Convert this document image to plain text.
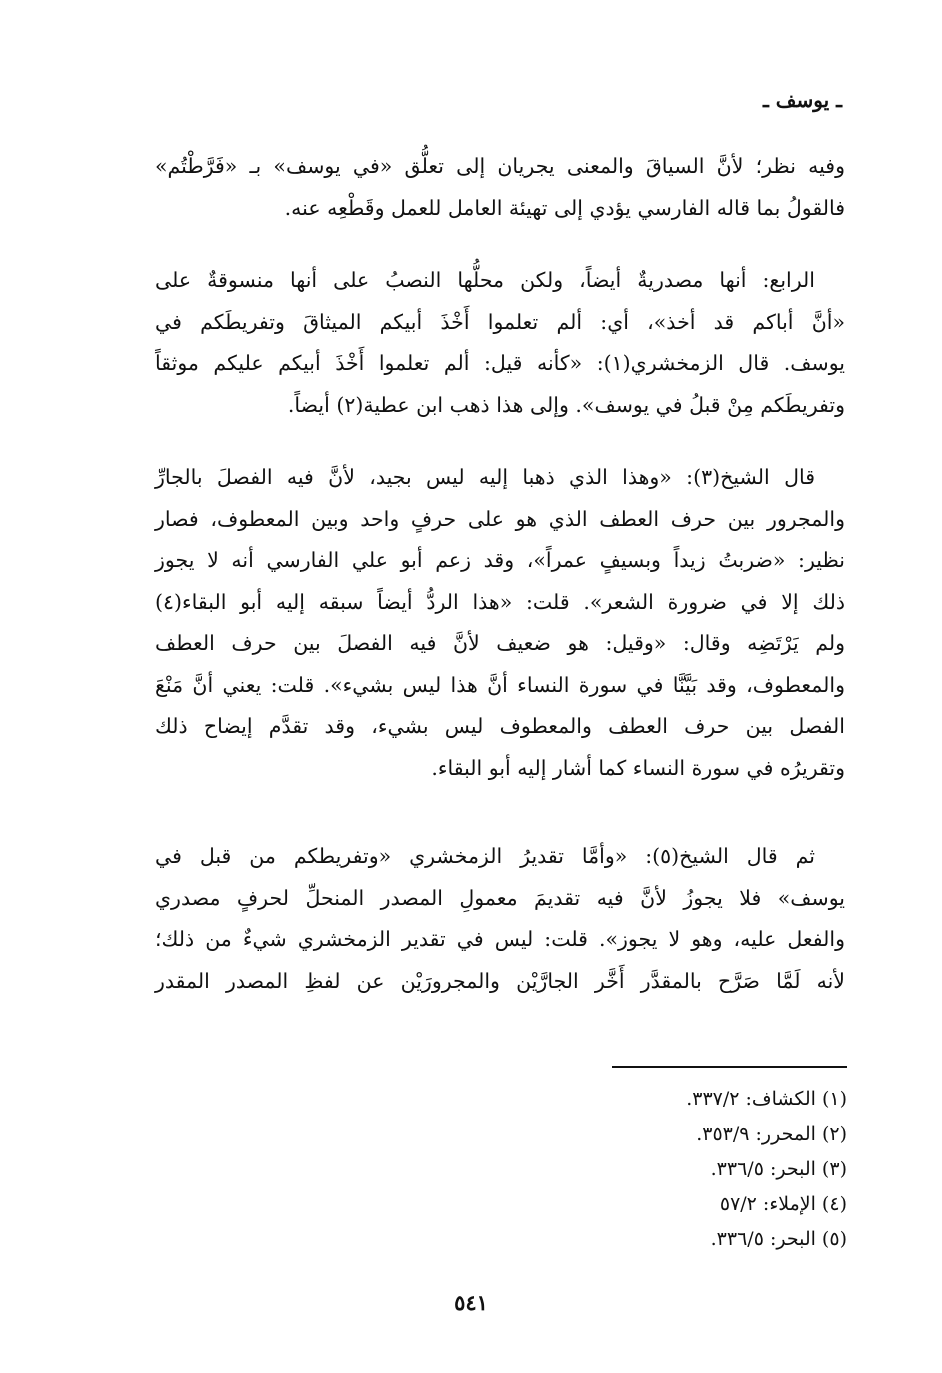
ـ يوسف ـ

وفيه نظر؛ لأنَّ السياقَ والمعنى يجريان إلى تعلُّق «في يوسف» بـ «فَرَّطْتُم»
فالقولُ بما قاله الفارسي يؤدي إلى تهيئة العامل للعمل وقَطْعِه عنه.

الرابع: أنها مصدريةٌ أيضاً، ولكن محلُّها النصبُ على أنها منسوقةٌ على
«أنَّ أباكم قد أخذ»، أي: ألم تعلموا أَخْذَ أبيكم الميثاقَ وتفريطَكم في
يوسف. قال الزمخشري(١): «كأنه قيل: ألم تعلموا أَخْذَ أبيكم عليكم موثقاً
وتفريطَكم مِنْ قبلُ في يوسف». وإلى هذا ذهب ابن عطية(٢) أيضاً.

قال الشيخ(٣): «وهذا الذي ذهبا إليه ليس بجيد، لأنَّ فيه الفصلَ بالجارِّ
والمجرور بين حرف العطف الذي هو على حرفٍ واحد وبين المعطوف، فصار
نظير: «ضربتُ زيداً وبسيفٍ عمراً»، وقد زعم أبو علي الفارسي أنه لا يجوز
ذلك إلا في ضرورة الشعر». قلت: «هذا الردُّ أيضاً سبقه إليه أبو البقاء(٤)
ولم يَرْتَضِه وقال: «وقيل: هو ضعيف لأنَّ فيه الفصلَ بين حرف العطف
والمعطوف، وقد بَيَّنَّا في سورة النساء أنَّ هذا ليس بشيء». قلت: يعني أنَّ مَنْعَ
الفصل بين حرف العطف والمعطوف ليس بشيء، وقد تقدَّم إيضاح ذلك
وتقريرُه في سورة النساء كما أشار إليه أبو البقاء.

ثم قال الشيخ(٥): «وأمَّا تقديرُ الزمخشري «وتفريطكم من قبل في
يوسف» فلا يجوزُ لأنَّ فيه تقديمَ معمولِ المصدر المنحلِّ لحرفٍ مصدري
والفعل عليه، وهو لا يجوز». قلت: ليس في تقدير الزمخشري شيءٌ من ذلك؛
لأنه لَمَّا صَرَّح بالمقدَّر أَخَّر الجارَّيْن والمجرورَيْن عن لفظِ المصدر المقدر

(١) الكشاف: ٣٣٧/٢.
(٢) المحرر: ٣٥٣/٩.
(٣) البحر: ٣٣٦/٥.
(٤) الإملاء: ٥٧/٢
(٥) البحر: ٣٣٦/٥.
٥٤١
